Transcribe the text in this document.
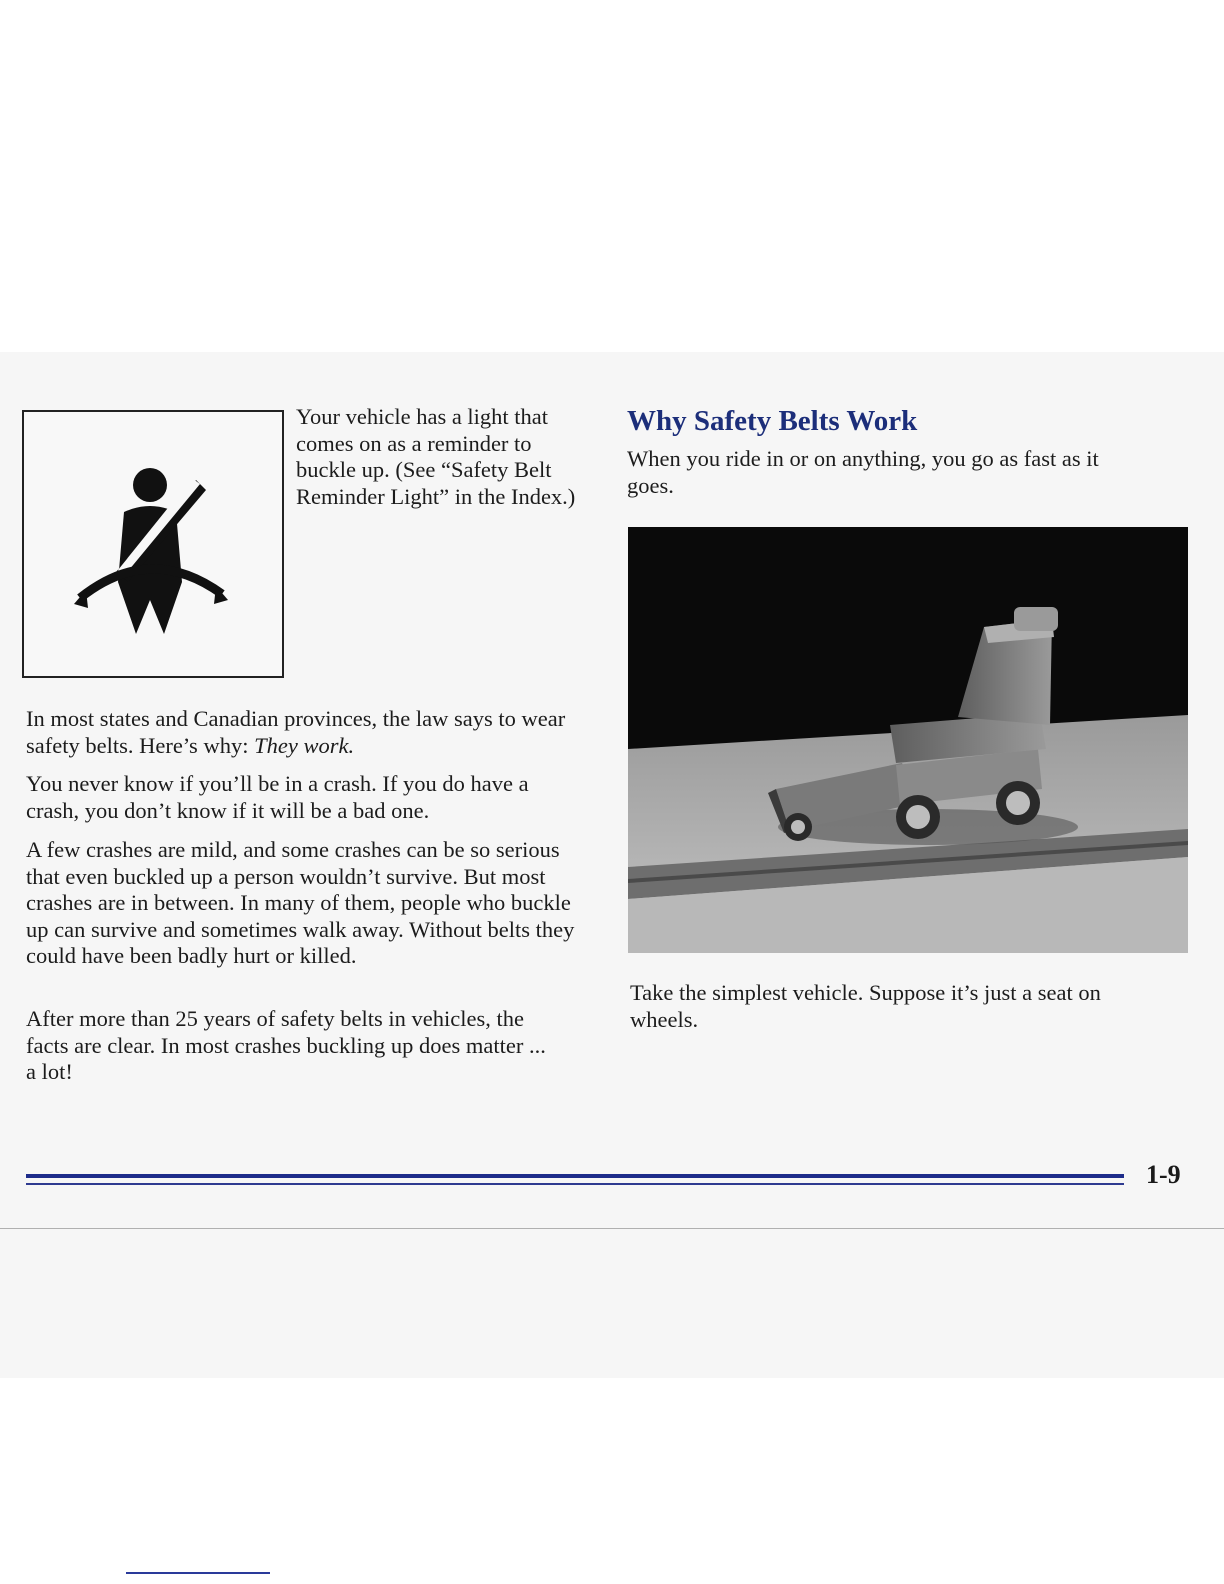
Your vehicle has a light that comes on as a reminder to buckle up. (See “Safety Belt Reminder Light” in the Index.)

In most states and Canadian provinces, the law says to wear safety belts. Here’s why: They work.

You never know if you’ll be in a crash. If you do have a crash, you don’t know if it will be a bad one.

A few crashes are mild, and some crashes can be so serious that even buckled up a person wouldn’t survive. But most crashes are in between. In many of them, people who buckle up can survive and sometimes walk away. Without belts they could have been badly hurt or killed.

After more than 25 years of safety belts in vehicles, the facts are clear. In most crashes buckling up does matter ... a lot!

Why Safety Belts Work

When you ride in or on anything, you go as fast as it goes.

Take the simplest vehicle. Suppose it’s just a seat on wheels.

1-9
